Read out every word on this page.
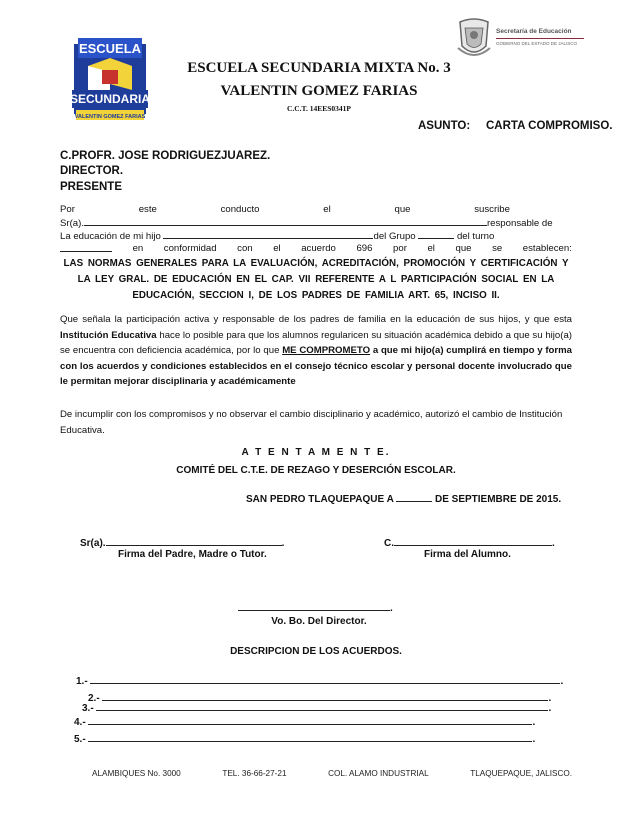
ESCUELA
SECUNDARIA
VALENTIN GOMEZ FARIAS
Secretaría de Educación
GOBIERNO DEL ESTADO DE JALISCO
ESCUELA SECUNDARIA MIXTA No. 3
VALENTIN GOMEZ FARIAS
C.C.T. 14EES0341P
ASUNTO: CARTA COMPROMISO.
C.PROFR. JOSE RODRIGUEZJUAREZ.
DIRECTOR.
PRESENTE
Por	este	conducto	el	que	suscribe
Sr(a).	responsable de
La educación de mi hijo	del Grupo	del turno
en conformidad con el acuerdo 696 por el que se establecen:
LAS NORMAS GENERALES PARA LA EVALUACIÓN, ACREDITACIÓN, PROMOCIÓN Y CERTIFICACIÓN Y LA LEY GRAL. DE EDUCACIÓN EN EL CAP. VII REFERENTE A L PARTICIPACIÓN SOCIAL EN LA EDUCACIÓN, SECCION I, DE LOS PADRES DE FAMILIA ART. 65, INCISO II.
Que señala la participación activa y responsable de los padres de familia en la educación de sus hijos, y que esta Institución Educativa hace lo posible para que los alumnos regularicen su situación académica debido a que su hijo(a) se encuentra con deficiencia académica, por lo que ME COMPROMETO a que mi hijo(a) cumplirá en tiempo y forma con los acuerdos y condiciones establecidos en el consejo técnico escolar y personal docente involucrado que le permitan mejorar disciplinaria y académicamente
De incumplir con los compromisos y no observar el cambio disciplinario y académico, autorizó el cambio de Institución Educativa.
A T E N T A M E N T E.
COMITÉ DEL C.T.E. DE REZAGO Y DESERCIÓN ESCOLAR.
SAN PEDRO TLAQUEPAQUE A	DE SEPTIEMBRE DE 2015.
Sr(a).	.	C.	.
Firma del Padre, Madre o Tutor.	Firma del Alumno.
.
Vo. Bo. Del Director.
DESCRIPCION DE LOS ACUERDOS.
1.-	.
2.-	.
3.-	.
4.-	.
5.-	.
ALAMBIQUES No. 3000	TEL. 36-66-27-21	COL. ALAMO INDUSTRIAL	TLAQUEPAQUE, JALISCO.
